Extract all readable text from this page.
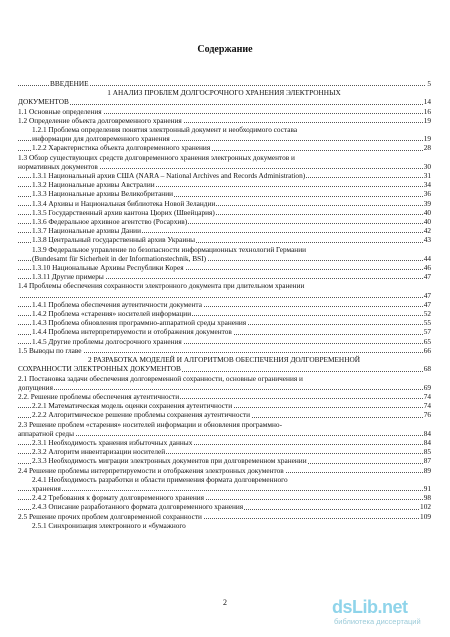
Содержание
ВВЕДЕНИЕ	5
1 АНАЛИЗ ПРОБЛЕМ ДОЛГОСРОЧНОГО ХРАНЕНИЯ ЭЛЕКТРОННЫХ
ДОКУМЕНТОВ	14
1.1 Основные определения	16
1.2 Определение объекта долговременного хранения	19
1.2.1 Проблема определения понятия электронный документ и необходимого состава
информации для долговременного хранения	19
1.2.2 Характеристика объекта долговременного хранения	28
1.3 Обзор существующих средств долговременного хранения электронных документов и
нормативных документов	30
1.3.1 Национальный архив США (NARA – National Archives and Records Administration)	31
1.3.2 Национальные архивы Австралии	34
1.3.3 Национальные архивы Великобритании	36
1.3.4 Архивы и Национальная библиотека Новой Зеландии	39
1.3.5 Государственный архив кантона Цюрих (Швейцария)	40
1.3.6 Федеральное архивное агентство (Росархив)	40
1.3.7 Национальные архивы Дании	42
1.3.8 Центральный государственный архив Украины	43
1.3.9 Федеральное управление по безопасности информационных технологий Германии
(Bundesamt für Sicherheit in der Informationstechnik, BSI)	44
1.3.10 Национальные Архивы Республики Корея	46
1.3.11 Другие примеры	47
1.4 Проблемы обеспечения сохранности электронного документа при длительном хранении
47
1.4.1 Проблема обеспечения аутентичности документа	47
1.4.2 Проблема «старения» носителей информации	52
1.4.3 Проблема обновления программно-аппаратной среды хранения	55
1.4.4 Проблема интерпретируемости и отображения документов	57
1.4.5 Другие проблемы долгосрочного хранения	65
1.5 Выводы по главе	66
2 РАЗРАБОТКА МОДЕЛЕЙ И АЛГОРИТМОВ ОБЕСПЕЧЕНИЯ ДОЛГОВРЕМЕННОЙ
СОХРАННОСТИ ЭЛЕКТРОННЫХ ДОКУМЕНТОВ	68
2.1 Постановка задачи обеспечения долговременной сохранности, основные ограничения и
допущения	69
2.2. Решение проблемы обеспечения аутентичности	74
2.2.1 Математическая модель оценки сохранения аутентичности	74
2.2.2 Алгоритмическое решение проблемы сохранения аутентичности	76
2.3 Решение проблем «старения» носителей информации и обновления программно-
аппаратной среды	84
2.3.1 Необходимость хранения избыточных данных	84
2.3.2 Алгоритм инвентаризации носителей	85
2.3.3 Необходимость миграции электронных документов при долговременном хранении	87
2.4 Решение проблемы интерпретируемости и отображения электронных документов	89
2.4.1 Необходимость разработки и области применения формата долговременного
хранения	91
2.4.2 Требования к формату долговременного хранения	98
2.4.3 Описание разработанного формата долговременного хранения	102
2.5 Решение прочих проблем долговременной сохранности	109
2.5.1 Синхронизация электронного и «бумажного
2	dsLib.net
библиотека диссертаций
